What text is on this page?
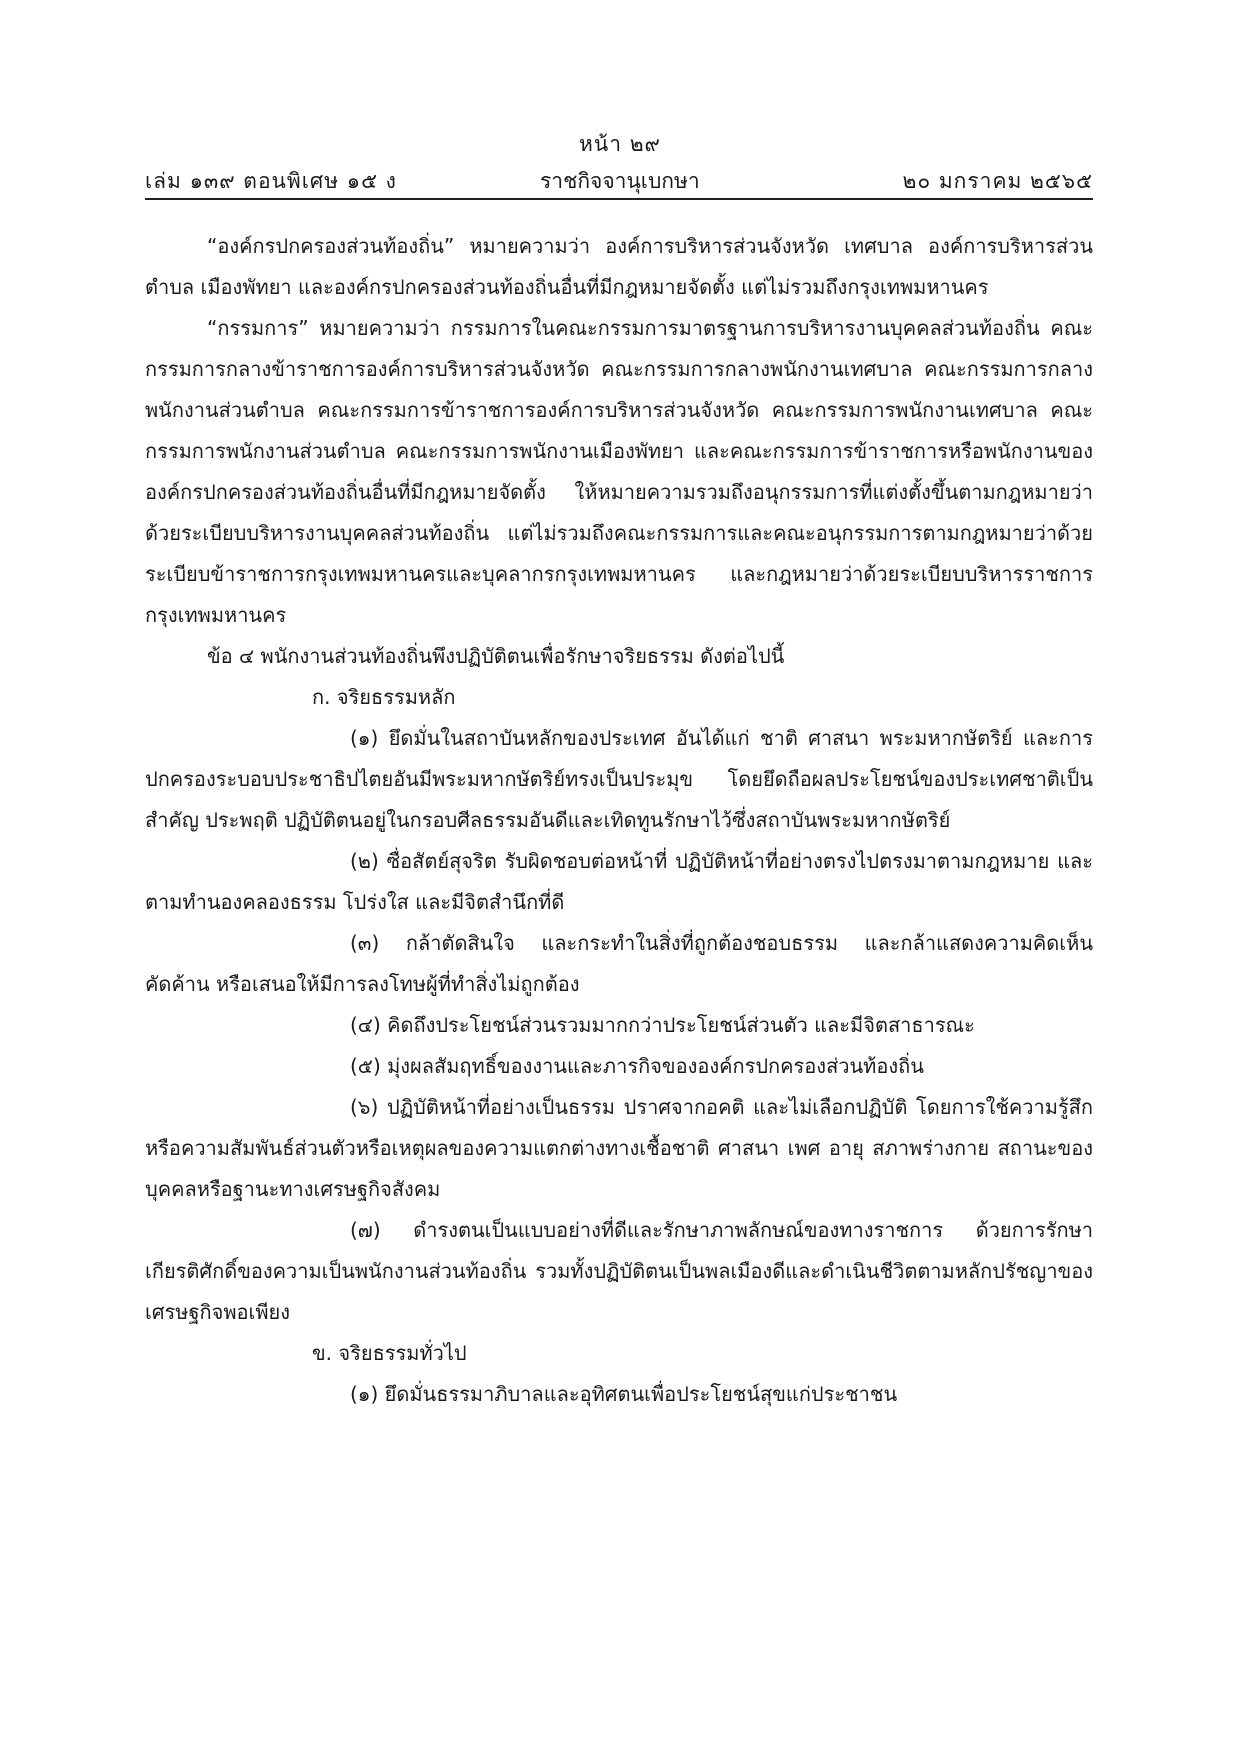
หน้า ๒๙
เล่ม ๑๓๙ ตอนพิเศษ ๑๕ ง	ราชกิจจานุเบกษา	๒๐ มกราคม ๒๕๖๕

“องค์กรปกครองส่วนท้องถิ่น” หมายความว่า องค์การบริหารส่วนจังหวัด เทศบาล องค์การบริหารส่วนตำบล เมืองพัทยา และองค์กรปกครองส่วนท้องถิ่นอื่นที่มีกฎหมายจัดตั้ง แต่ไม่รวมถึงกรุงเทพมหานคร

“กรรมการ” หมายความว่า กรรมการในคณะกรรมการมาตรฐานการบริหารงานบุคคลส่วนท้องถิ่น คณะกรรมการกลางข้าราชการองค์การบริหารส่วนจังหวัด คณะกรรมการกลางพนักงานเทศบาล คณะกรรมการกลางพนักงานส่วนตำบล คณะกรรมการข้าราชการองค์การบริหารส่วนจังหวัด คณะกรรมการพนักงานเทศบาล คณะกรรมการพนักงานส่วนตำบล คณะกรรมการพนักงานเมืองพัทยา และคณะกรรมการข้าราชการหรือพนักงานขององค์กรปกครองส่วนท้องถิ่นอื่นที่มีกฎหมายจัดตั้ง ให้หมายความรวมถึงอนุกรรมการที่แต่งตั้งขึ้นตามกฎหมายว่าด้วยระเบียบบริหารงานบุคคลส่วนท้องถิ่น แต่ไม่รวมถึงคณะกรรมการและคณะอนุกรรมการตามกฎหมายว่าด้วยระเบียบข้าราชการกรุงเทพมหานครและบุคลากรกรุงเทพมหานคร และกฎหมายว่าด้วยระเบียบบริหารราชการกรุงเทพมหานคร

ข้อ ๔ พนักงานส่วนท้องถิ่นพึงปฏิบัติตนเพื่อรักษาจริยธรรม ดังต่อไปนี้

ก. จริยธรรมหลัก

(๑) ยึดมั่นในสถาบันหลักของประเทศ อันได้แก่ ชาติ ศาสนา พระมหากษัตริย์ และการปกครองระบอบประชาธิปไตยอันมีพระมหากษัตริย์ทรงเป็นประมุข โดยยึดถือผลประโยชน์ของประเทศชาติเป็นสำคัญ ประพฤติ ปฏิบัติตนอยู่ในกรอบศีลธรรมอันดีและเทิดทูนรักษาไว้ซึ่งสถาบันพระมหากษัตริย์

(๒) ซื่อสัตย์สุจริต รับผิดชอบต่อหน้าที่ ปฏิบัติหน้าที่อย่างตรงไปตรงมาตามกฎหมาย และตามทำนองคลองธรรม โปร่งใส และมีจิตสำนึกที่ดี

(๓) กล้าตัดสินใจ และกระทำในสิ่งที่ถูกต้องชอบธรรม และกล้าแสดงความคิดเห็นคัดค้าน หรือเสนอให้มีการลงโทษผู้ที่ทำสิ่งไม่ถูกต้อง

(๔) คิดถึงประโยชน์ส่วนรวมมากกว่าประโยชน์ส่วนตัว และมีจิตสาธารณะ

(๕) มุ่งผลสัมฤทธิ์ของงานและภารกิจขององค์กรปกครองส่วนท้องถิ่น

(๖) ปฏิบัติหน้าที่อย่างเป็นธรรม ปราศจากอคติ และไม่เลือกปฏิบัติ โดยการใช้ความรู้สึกหรือความสัมพันธ์ส่วนตัวหรือเหตุผลของความแตกต่างทางเชื้อชาติ ศาสนา เพศ อายุ สภาพร่างกาย สถานะของบุคคลหรือฐานะทางเศรษฐกิจสังคม

(๗) ดำรงตนเป็นแบบอย่างที่ดีและรักษาภาพลักษณ์ของทางราชการ ด้วยการรักษาเกียรติศักดิ์ของความเป็นพนักงานส่วนท้องถิ่น รวมทั้งปฏิบัติตนเป็นพลเมืองดีและดำเนินชีวิตตามหลักปรัชญาของเศรษฐกิจพอเพียง

ข. จริยธรรมทั่วไป

(๑) ยึดมั่นธรรมาภิบาลและอุทิศตนเพื่อประโยชน์สุขแก่ประชาชน
